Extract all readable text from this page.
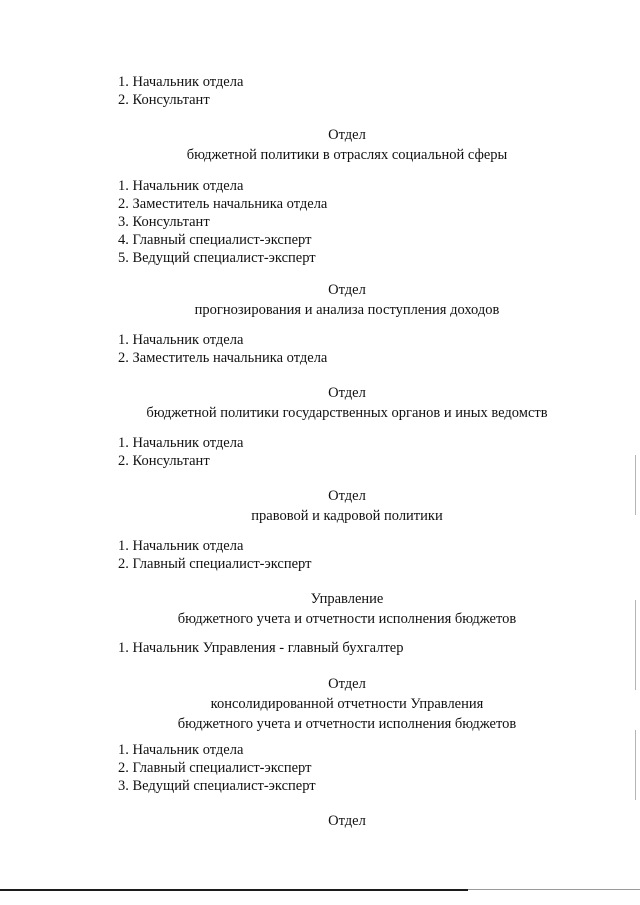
1. Начальник отдела
2. Консультант
Отдел
бюджетной политики в отраслях социальной сферы
1. Начальник отдела
2. Заместитель начальника отдела
3. Консультант
4. Главный специалист-эксперт
5. Ведущий специалист-эксперт
Отдел
прогнозирования и анализа поступления доходов
1. Начальник отдела
2. Заместитель начальника отдела
Отдел
бюджетной политики государственных органов и иных ведомств
1. Начальник отдела
2. Консультант
Отдел
правовой и кадровой политики
1. Начальник отдела
2. Главный специалист-эксперт
Управление
бюджетного учета и отчетности исполнения бюджетов
1. Начальник Управления - главный бухгалтер
Отдел
консолидированной отчетности Управления
бюджетного учета и отчетности исполнения бюджетов
1. Начальник отдела
2. Главный специалист-эксперт
3. Ведущий специалист-эксперт
Отдел
